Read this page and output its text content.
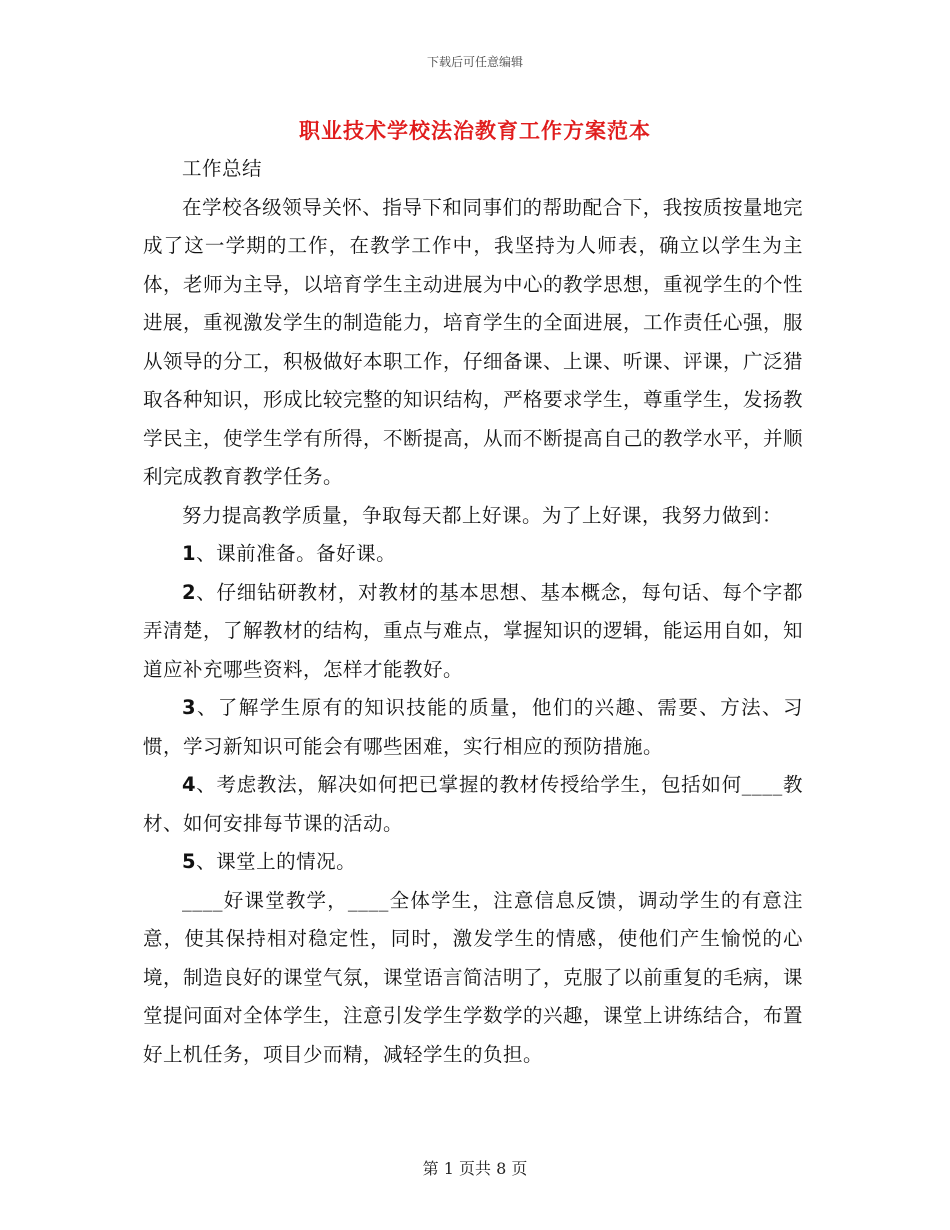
下载后可任意编辑
职业技术学校法治教育工作方案范本

工作总结

在学校各级领导关怀、指导下和同事们的帮助配合下，我按质按量地完成了这一学期的工作，在教学工作中，我坚持为人师表，确立以学生为主体，老师为主导，以培育学生主动进展为中心的教学思想，重视学生的个性进展，重视激发学生的制造能力，培育学生的全面进展，工作责任心强，服从领导的分工，积极做好本职工作，仔细备课、上课、听课、评课，广泛猎取各种知识，形成比较完整的知识结构，严格要求学生，尊重学生，发扬教学民主，使学生学有所得，不断提高，从而不断提高自己的教学水平，并顺利完成教育教学任务。

努力提高教学质量，争取每天都上好课。为了上好课，我努力做到：

1、课前准备。备好课。

2、仔细钻研教材，对教材的基本思想、基本概念，每句话、每个字都弄清楚，了解教材的结构，重点与难点，掌握知识的逻辑，能运用自如，知道应补充哪些资料，怎样才能教好。

3、了解学生原有的知识技能的质量，他们的兴趣、需要、方法、习惯，学习新知识可能会有哪些困难，实行相应的预防措施。

4、考虑教法，解决如何把已掌握的教材传授给学生，包括如何____教材、如何安排每节课的活动。

5、课堂上的情况。

____好课堂教学，____全体学生，注意信息反馈，调动学生的有意注意，使其保持相对稳定性，同时，激发学生的情感，使他们产生愉悦的心境，制造良好的课堂气氛，课堂语言简洁明了，克服了以前重复的毛病，课堂提问面对全体学生，注意引发学生学数学的兴趣，课堂上讲练结合，布置好上机任务，项目少而精，减轻学生的负担。

第 1 页共 8 页
